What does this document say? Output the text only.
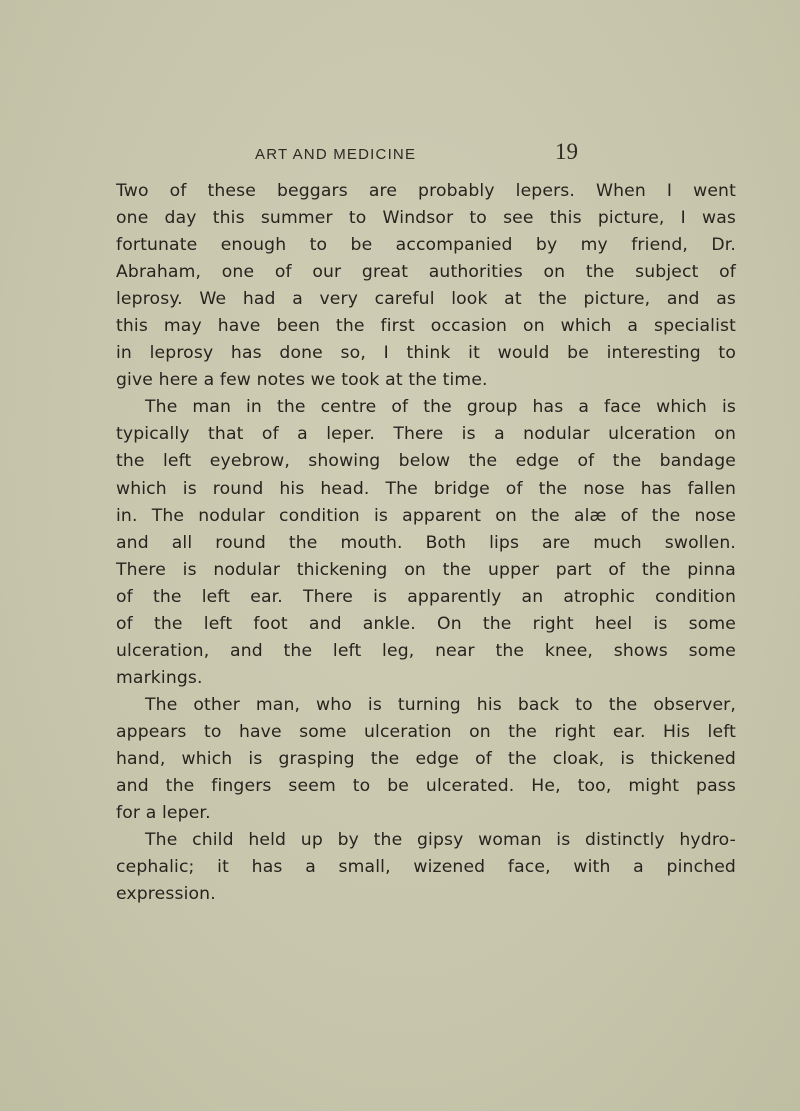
ART AND MEDICINE	19
Two of these beggars are probably lepers. When I went
one day this summer to Windsor to see this picture, I was
fortunate enough to be accompanied by my friend, Dr.
Abraham, one of our great authorities on the subject of
leprosy. We had a very careful look at the picture, and as
this may have been the first occasion on which a specialist
in leprosy has done so, I think it would be interesting to
give here a few notes we took at the time.
The man in the centre of the group has a face which is
typically that of a leper. There is a nodular ulceration on
the left eyebrow, showing below the edge of the bandage
which is round his head. The bridge of the nose has fallen
in. The nodular condition is apparent on the alæ of the nose
and all round the mouth. Both lips are much swollen.
There is nodular thickening on the upper part of the pinna
of the left ear. There is apparently an atrophic condition
of the left foot and ankle. On the right heel is some
ulceration, and the left leg, near the knee, shows some
markings.
The other man, who is turning his back to the observer,
appears to have some ulceration on the right ear. His left
hand, which is grasping the edge of the cloak, is thickened
and the fingers seem to be ulcerated. He, too, might pass
for a leper.
The child held up by the gipsy woman is distinctly hydro-
cephalic; it has a small, wizened face, with a pinched
expression.
